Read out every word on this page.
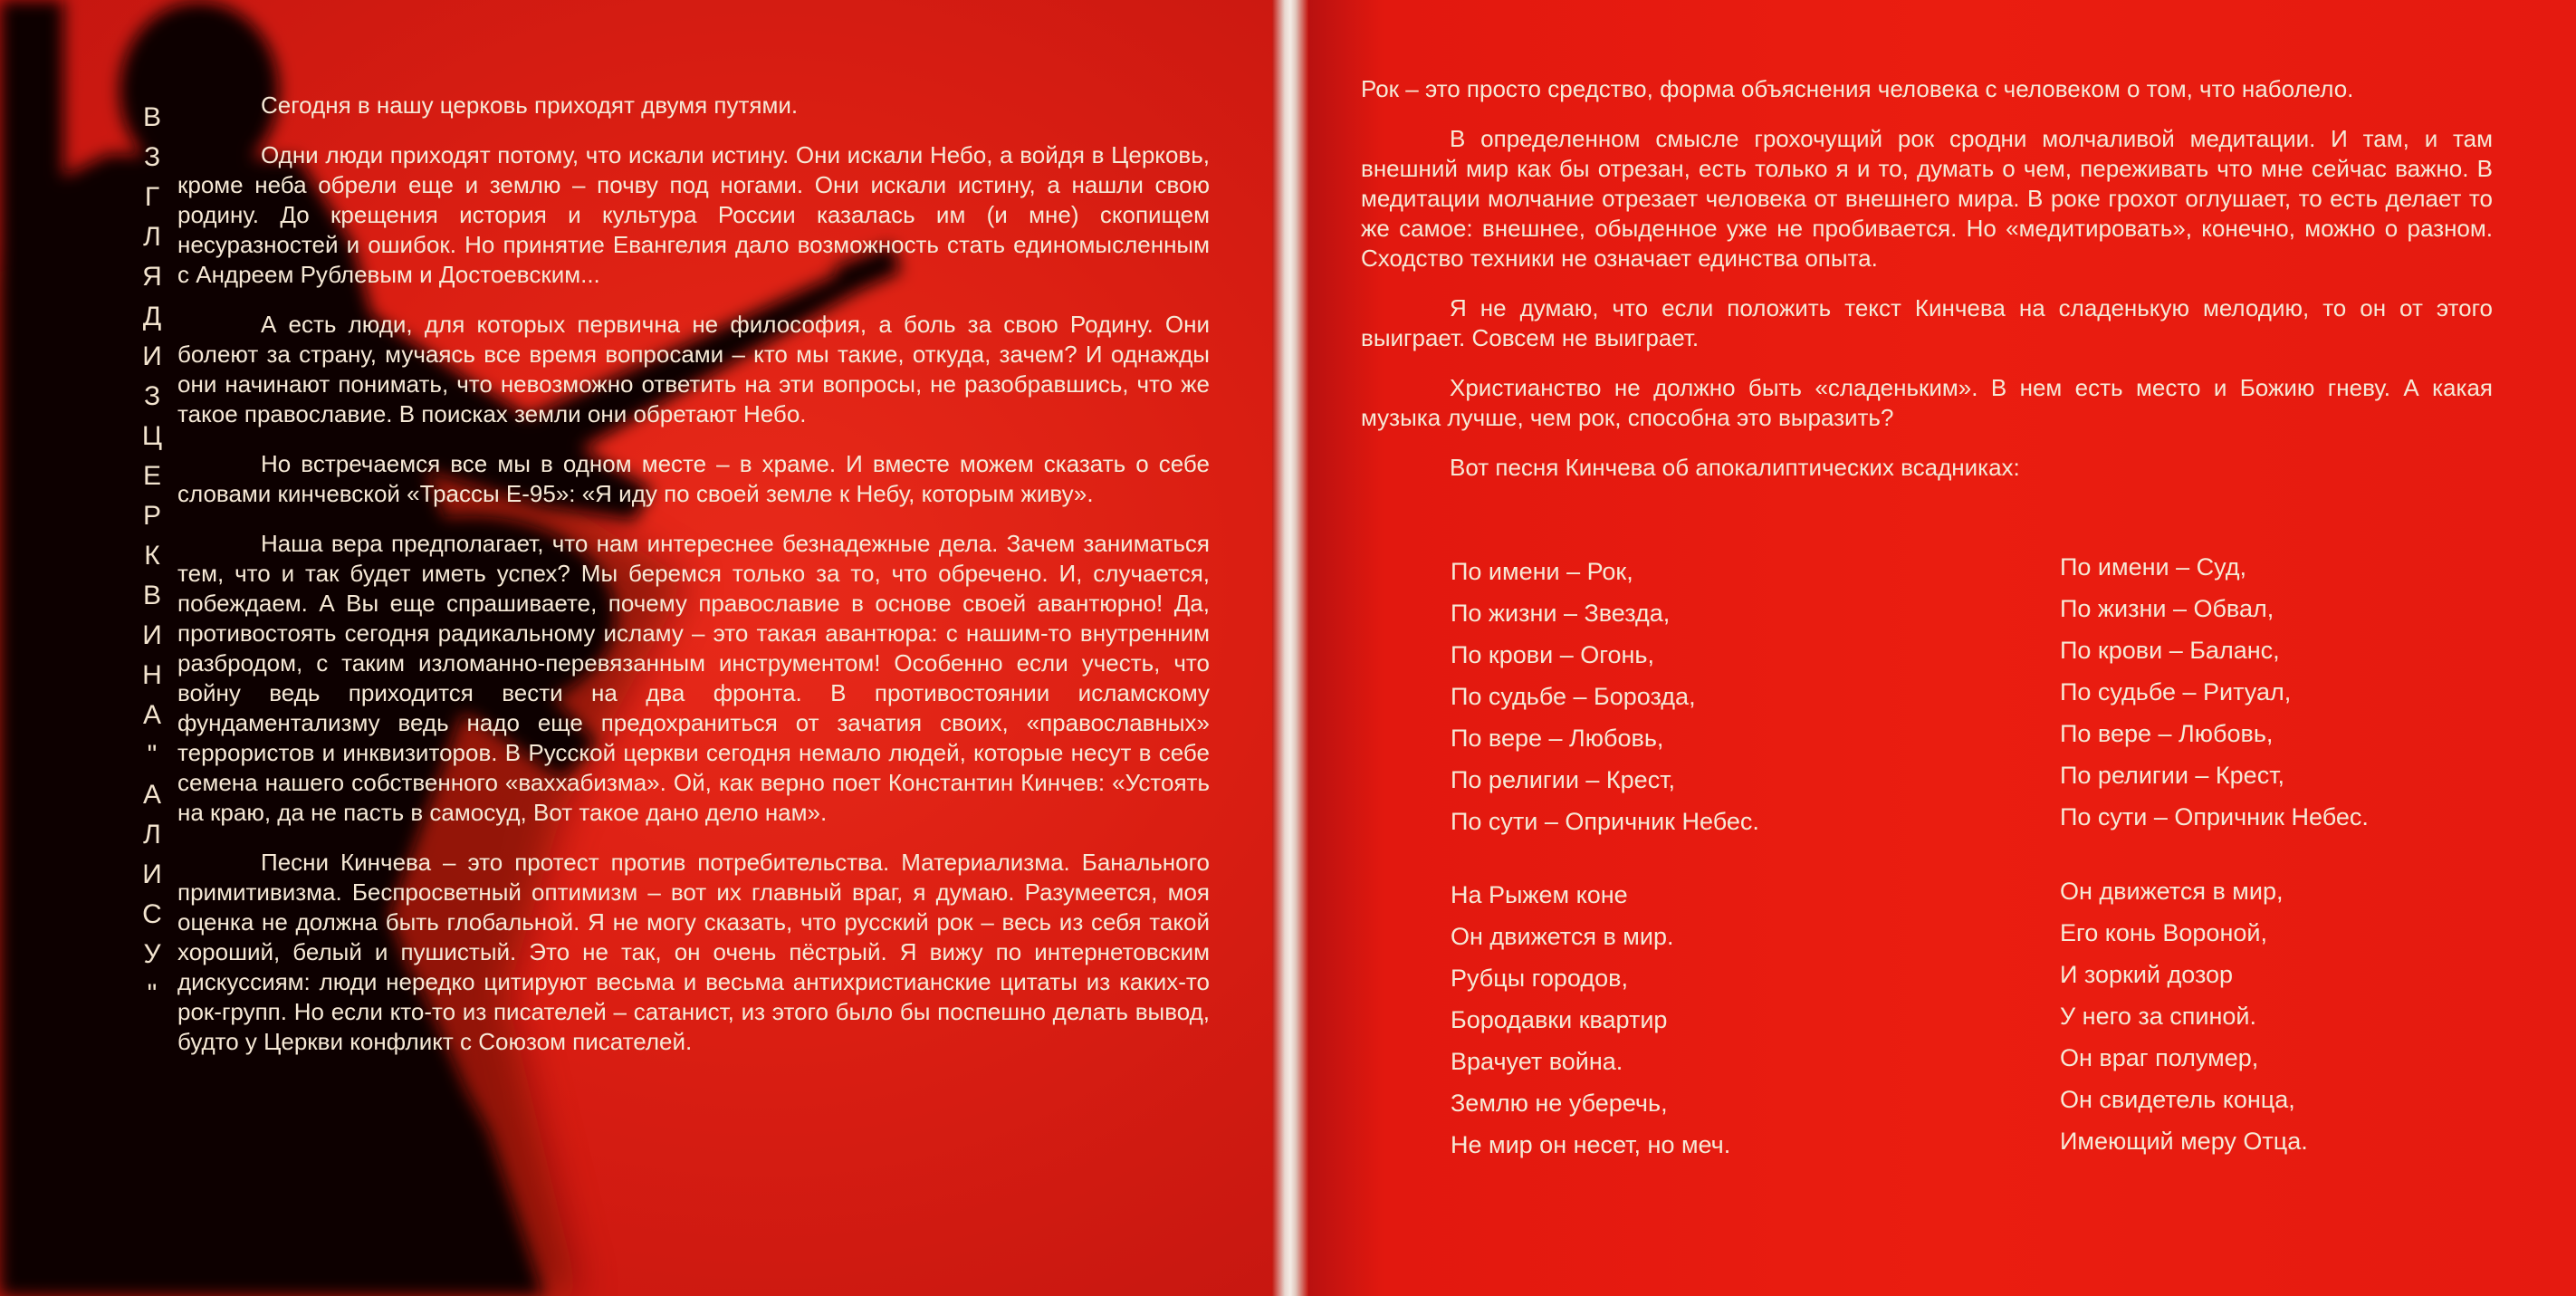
В
З
Г
Л
Я
Д
И
З
Ц
Е
Р
К
В
И
Н
А
"
А
Л
И
С
У
"

Сегодня в нашу церковь приходят двумя путями.

Одни люди приходят потому, что искали истину. Они искали Небо, а войдя в Церковь, кроме неба обрели еще и землю – почву под ногами. Они искали истину, а нашли свою родину. До крещения история и культура России казалась им (и мне) скопищем несуразностей и ошибок. Но принятие Евангелия дало возможность стать единомысленным с Андреем Рублевым и Достоевским...

А есть люди, для которых первична не философия, а боль за свою Родину. Они болеют за страну, мучаясь все время вопросами – кто мы такие, откуда, зачем? И однажды они начинают понимать, что невозможно ответить на эти вопросы, не разобравшись, что же такое православие. В поисках земли они обретают Небо.

Но встречаемся все мы в одном месте – в храме. И вместе можем сказать о себе словами кинчевской «Трассы Е-95»: «Я иду по своей земле к Небу, которым живу».

Наша вера предполагает, что нам интереснее безнадежные дела. Зачем заниматься тем, что и так будет иметь успех? Мы беремся только за то, что обречено. И, случается, побеждаем. А Вы еще спрашиваете, почему православие в основе своей авантюрно! Да, противостоять сегодня радикальному исламу – это такая авантюра: с нашим-то внутренним разбродом, с таким изломанно-перевязанным инструментом! Особенно если учесть, что войну ведь приходится вести на два фронта. В противостоянии исламскому фундаментализму ведь надо еще предохраниться от зачатия своих, «православных» террористов и инквизиторов. В Русской церкви сегодня немало людей, которые несут в себе семена нашего собственного «ваххабизма». Ой, как верно поет Константин Кинчев: «Устоять на краю, да не пасть в самосуд, Вот такое дано дело нам».

Песни Кинчева – это протест против потребительства. Материализма. Банального примитивизма. Беспросветный оптимизм – вот их главный враг, я думаю. Разумеется, моя оценка не должна быть глобальной. Я не могу сказать, что русский рок – весь из себя такой хороший, белый и пушистый. Это не так, он очень пёстрый. Я вижу по интернетовским дискуссиям: люди нередко цитируют весьма и весьма антихристианские цитаты из каких-то рок-групп. Но если кто-то из писателей – сатанист, из этого было бы поспешно делать вывод, будто у Церкви конфликт с Союзом писателей.

Рок – это просто средство, форма объяснения человека с человеком о том, что наболело.

В определенном смысле грохочущий рок сродни молчаливой медитации. И там, и там внешний мир как бы отрезан, есть только я и то, думать о чем, переживать что мне сейчас важно. В медитации молчание отрезает человека от внешнего мира. В роке грохот оглушает, то есть делает то же самое: внешнее, обыденное уже не пробивается. Но «медитировать», конечно, можно о разном. Сходство техники не означает единства опыта.

Я не думаю, что если положить текст Кинчева на сладенькую мелодию, то он от этого выиграет. Совсем не выиграет.

Христианство не должно быть «сладеньким». В нем есть место и Божию гневу. А какая музыка лучше, чем рок, способна это выразить?

Вот песня Кинчева об апокалиптических всадниках:

По имени – Рок,
По жизни – Звезда,
По крови – Огонь,
По судьбе – Борозда,
По вере – Любовь,
По религии – Крест,
По сути – Опричник Небес.
По имени – Суд,
По жизни – Обвал,
По крови – Баланс,
По судьбе – Ритуал,
По вере – Любовь,
По религии – Крест,
По сути – Опричник Небес.
На Рыжем коне
Он движется в мир.
Рубцы городов,
Бородавки квартир
Врачует война.
Землю не уберечь,
Не мир он несет, но меч.
Он движется в мир,
Его конь Вороной,
И зоркий дозор
У него за спиной.
Он враг полумер,
Он свидетель конца,
Имеющий меру Отца.
